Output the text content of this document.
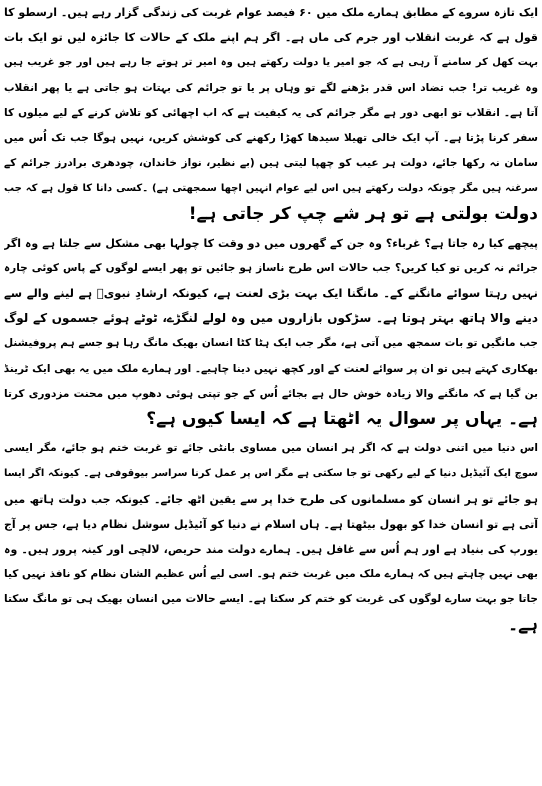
ایک تازہ سروے کے مطابق ہمارے ملک میں ۶۰ فیصد عوام غربت کی زندگی گزار رہے ہیں۔ ارسطو کا
قول ہے کہ غربت انقلاب اور جرم کی ماں ہے۔ اگر ہم اپنے ملک کے حالات کا جائزہ لیں تو ایک بات
بہت کھل کر سامنے آ رہی ہے کہ جو امیر یا دولت رکھتے ہیں وہ امیر تر ہوتے جا رہے ہیں اور جو غریب ہیں
وہ غریب تر! جب تضاد اس قدر بڑھنے لگے تو وہاں پر یا تو جرائم کی بہتات ہو جاتی ہے یا پھر انقلاب
آتا ہے۔ انقلاب تو ابھی دور ہے مگر جرائم کی یہ کیفیت ہے کہ اب اچھائی کو تلاش کرنے کے لیے میلوں کا
سفر کرنا پڑتا ہے۔ آپ ایک خالی تھیلا سیدھا کھڑا رکھنے کی کوشش کریں، نہیں ہوگا جب تک اُس میں
سامان نہ رکھا جائے، دولت ہر عیب کو چھپا لیتی ہیں (بے نظیر، نواز خاندان، چودھری برادرز جرائم کے
سرغنہ ہیں مگر چونکہ دولت رکھتے ہیں اس لیے عوام انہیں اچھا سمجھتی ہے) ۔کسی دانا کا قول ہے کہ جب
دولت بولتی ہے تو ہر شے چپ کر جاتی ہے!
پیچھے کیا رہ جاتا ہے؟ غرباء؟ وہ جن کے گھروں میں دو وقت کا چولہا بھی مشکل سے جلتا ہے وہ اگر
جرائم نہ کریں تو کیا کریں؟ جب حالات اس طرح ناساز ہو جائیں تو پھر ایسے لوگوں کے پاس کوئی چارہ
نہیں رہتا سوائے مانگنے کے۔ مانگنا ایک بہت بڑی لعنت ہے، کیونکہ ارشادِ نبویؐ ہے لینے والے سے
دینے والا ہاتھ بہتر ہوتا ہے۔ سڑکوں بازاروں میں وہ لولے لنگڑے، ٹوٹے ہوئے جسموں کے لوگ
جب مانگیں تو بات سمجھ میں آتی ہے، مگر جب ایک ہٹا کٹا انسان بھیک مانگ رہا ہو جسے ہم پروفیشنل
بھکاری کہتے ہیں تو ان پر سوائے لعنت کے اور کچھ نہیں دینا چاہیے۔ اور ہمارے ملک میں یہ بھی ایک ٹرینڈ
بن گیا ہے کہ مانگنے والا زیادہ خوش حال ہے بجائے اُس کے جو تپتی ہوئی دھوپ میں محنت مزدوری کرتا
ہے۔ یہاں پر سوال یہ اٹھتا ہے کہ ایسا کیوں ہے؟
اس دنیا میں اتنی دولت ہے کہ اگر ہر انسان میں مساوی بانٹی جائے تو غربت ختم ہو جائے، مگر ایسی
سوچ ایک آئیڈیل دنیا کے لیے رکھی تو جا سکتی ہے مگر اس پر عمل کرنا سراسر بیوقوفی ہے۔ کیونکہ اگر ایسا
ہو جائے تو ہر انسان کو مسلمانوں کی طرح خدا پر سے یقین اٹھ جائے۔ کیونکہ جب دولت ہاتھ میں
آتی ہے تو انسان خدا کو بھول بیٹھتا ہے۔ ہاں اسلام نے دنیا کو آئیڈیل سوشل نظام دیا ہے، جس پر آج
یورپ کی بنیاد ہے اور ہم اُس سے غافل ہیں۔ ہمارے دولت مند حریص، لالچی اور کینہ پرور ہیں۔ وہ
بھی نہیں چاہتے ہیں کہ ہمارے ملک میں غربت ختم ہو۔ اسی لیے اُس عظیم الشان نظام کو نافذ نہیں کیا
جاتا جو بہت سارے لوگوں کی غربت کو ختم کر سکتا ہے۔ ایسے حالات میں انسان بھیک ہی تو مانگ سکتا
ہے۔
